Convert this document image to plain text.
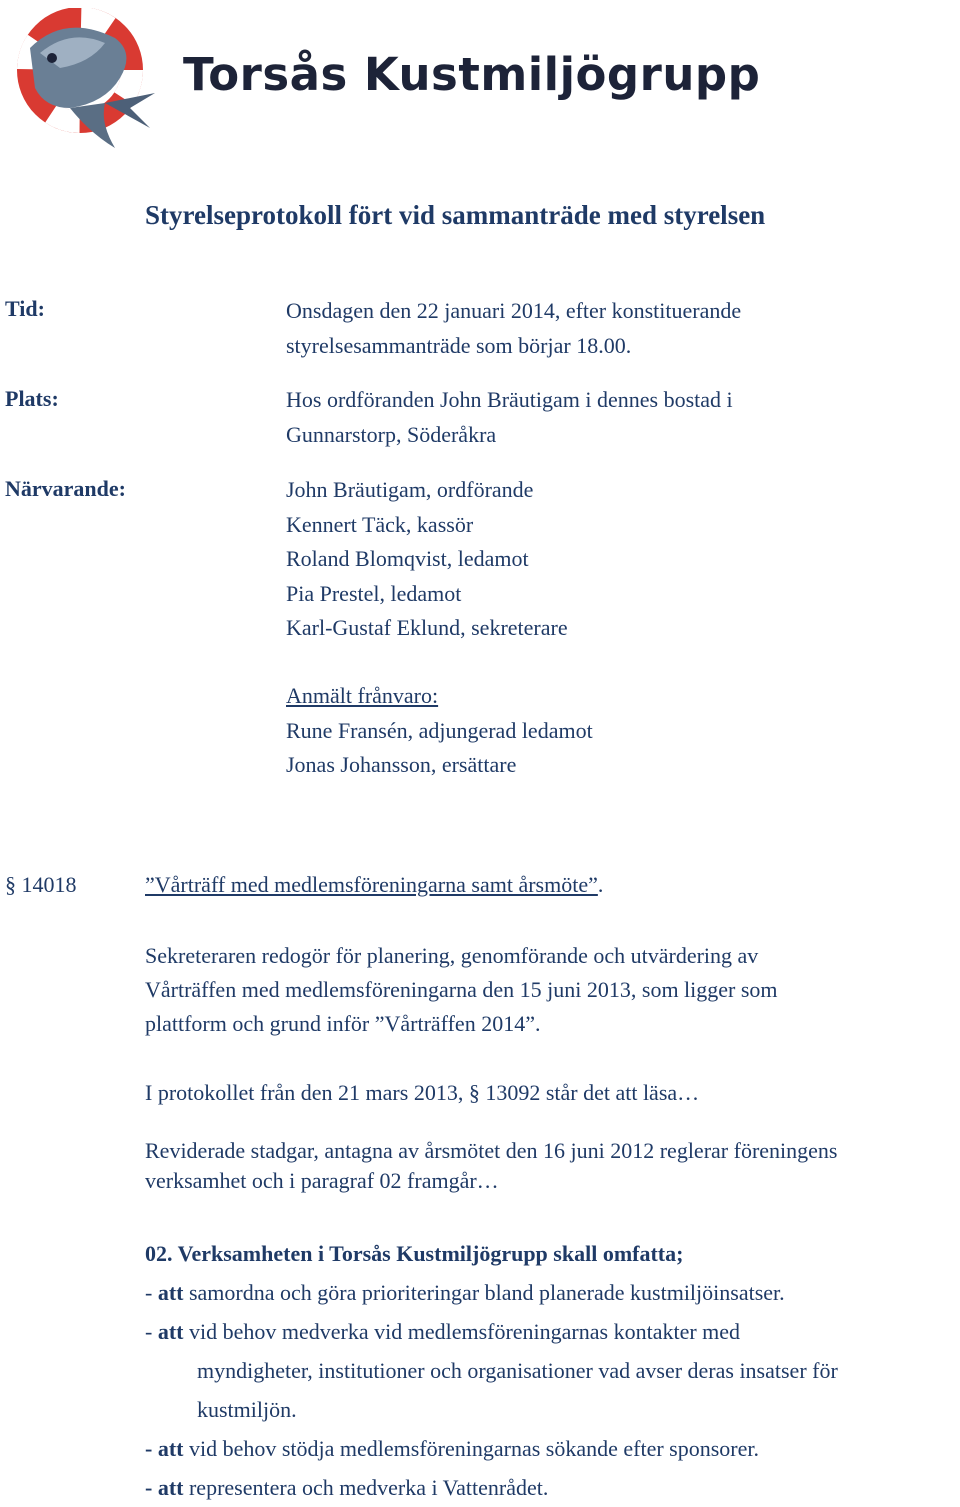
Torsås Kustmiljögrupp
Styrelseprotokoll fört vid sammanträde med styrelsen
Tid:	Onsdagen den 22 januari 2014, efter konstituerande
styrelsesammanträde som börjar 18.00.
Plats:	Hos ordföranden John Bräutigam i dennes bostad i
Gunnarstorp, Söderåkra
Närvarande:	John Bräutigam, ordförande
Kennert Täck, kassör
Roland Blomqvist, ledamot
Pia Prestel, ledamot
Karl-Gustaf Eklund, sekreterare
Anmält frånvaro:
Rune Fransén, adjungerad ledamot
Jonas Johansson, ersättare
§ 14018	”Vårträff med medlemsföreningarna samt årsmöte”.
Sekreteraren redogör för planering, genomförande och utvärdering av
Vårträffen med medlemsföreningarna den 15 juni 2013, som ligger som
plattform och grund inför ”Vårträffen 2014”.
I protokollet från den 21 mars 2013, § 13092 står det att läsa…
Reviderade stadgar, antagna av årsmötet den 16 juni 2012 reglerar föreningens
verksamhet och i paragraf 02 framgår…
02. Verksamheten i Torsås Kustmiljögrupp skall omfatta;
- att samordna och göra prioriteringar bland planerade kustmiljöinsatser.
- att vid behov medverka vid medlemsföreningarnas kontakter med
myndigheter, institutioner och organisationer vad avser deras insatser för
kustmiljön.
- att vid behov stödja medlemsföreningarnas sökande efter sponsorer.
- att representera och medverka i Vattenrådet.
